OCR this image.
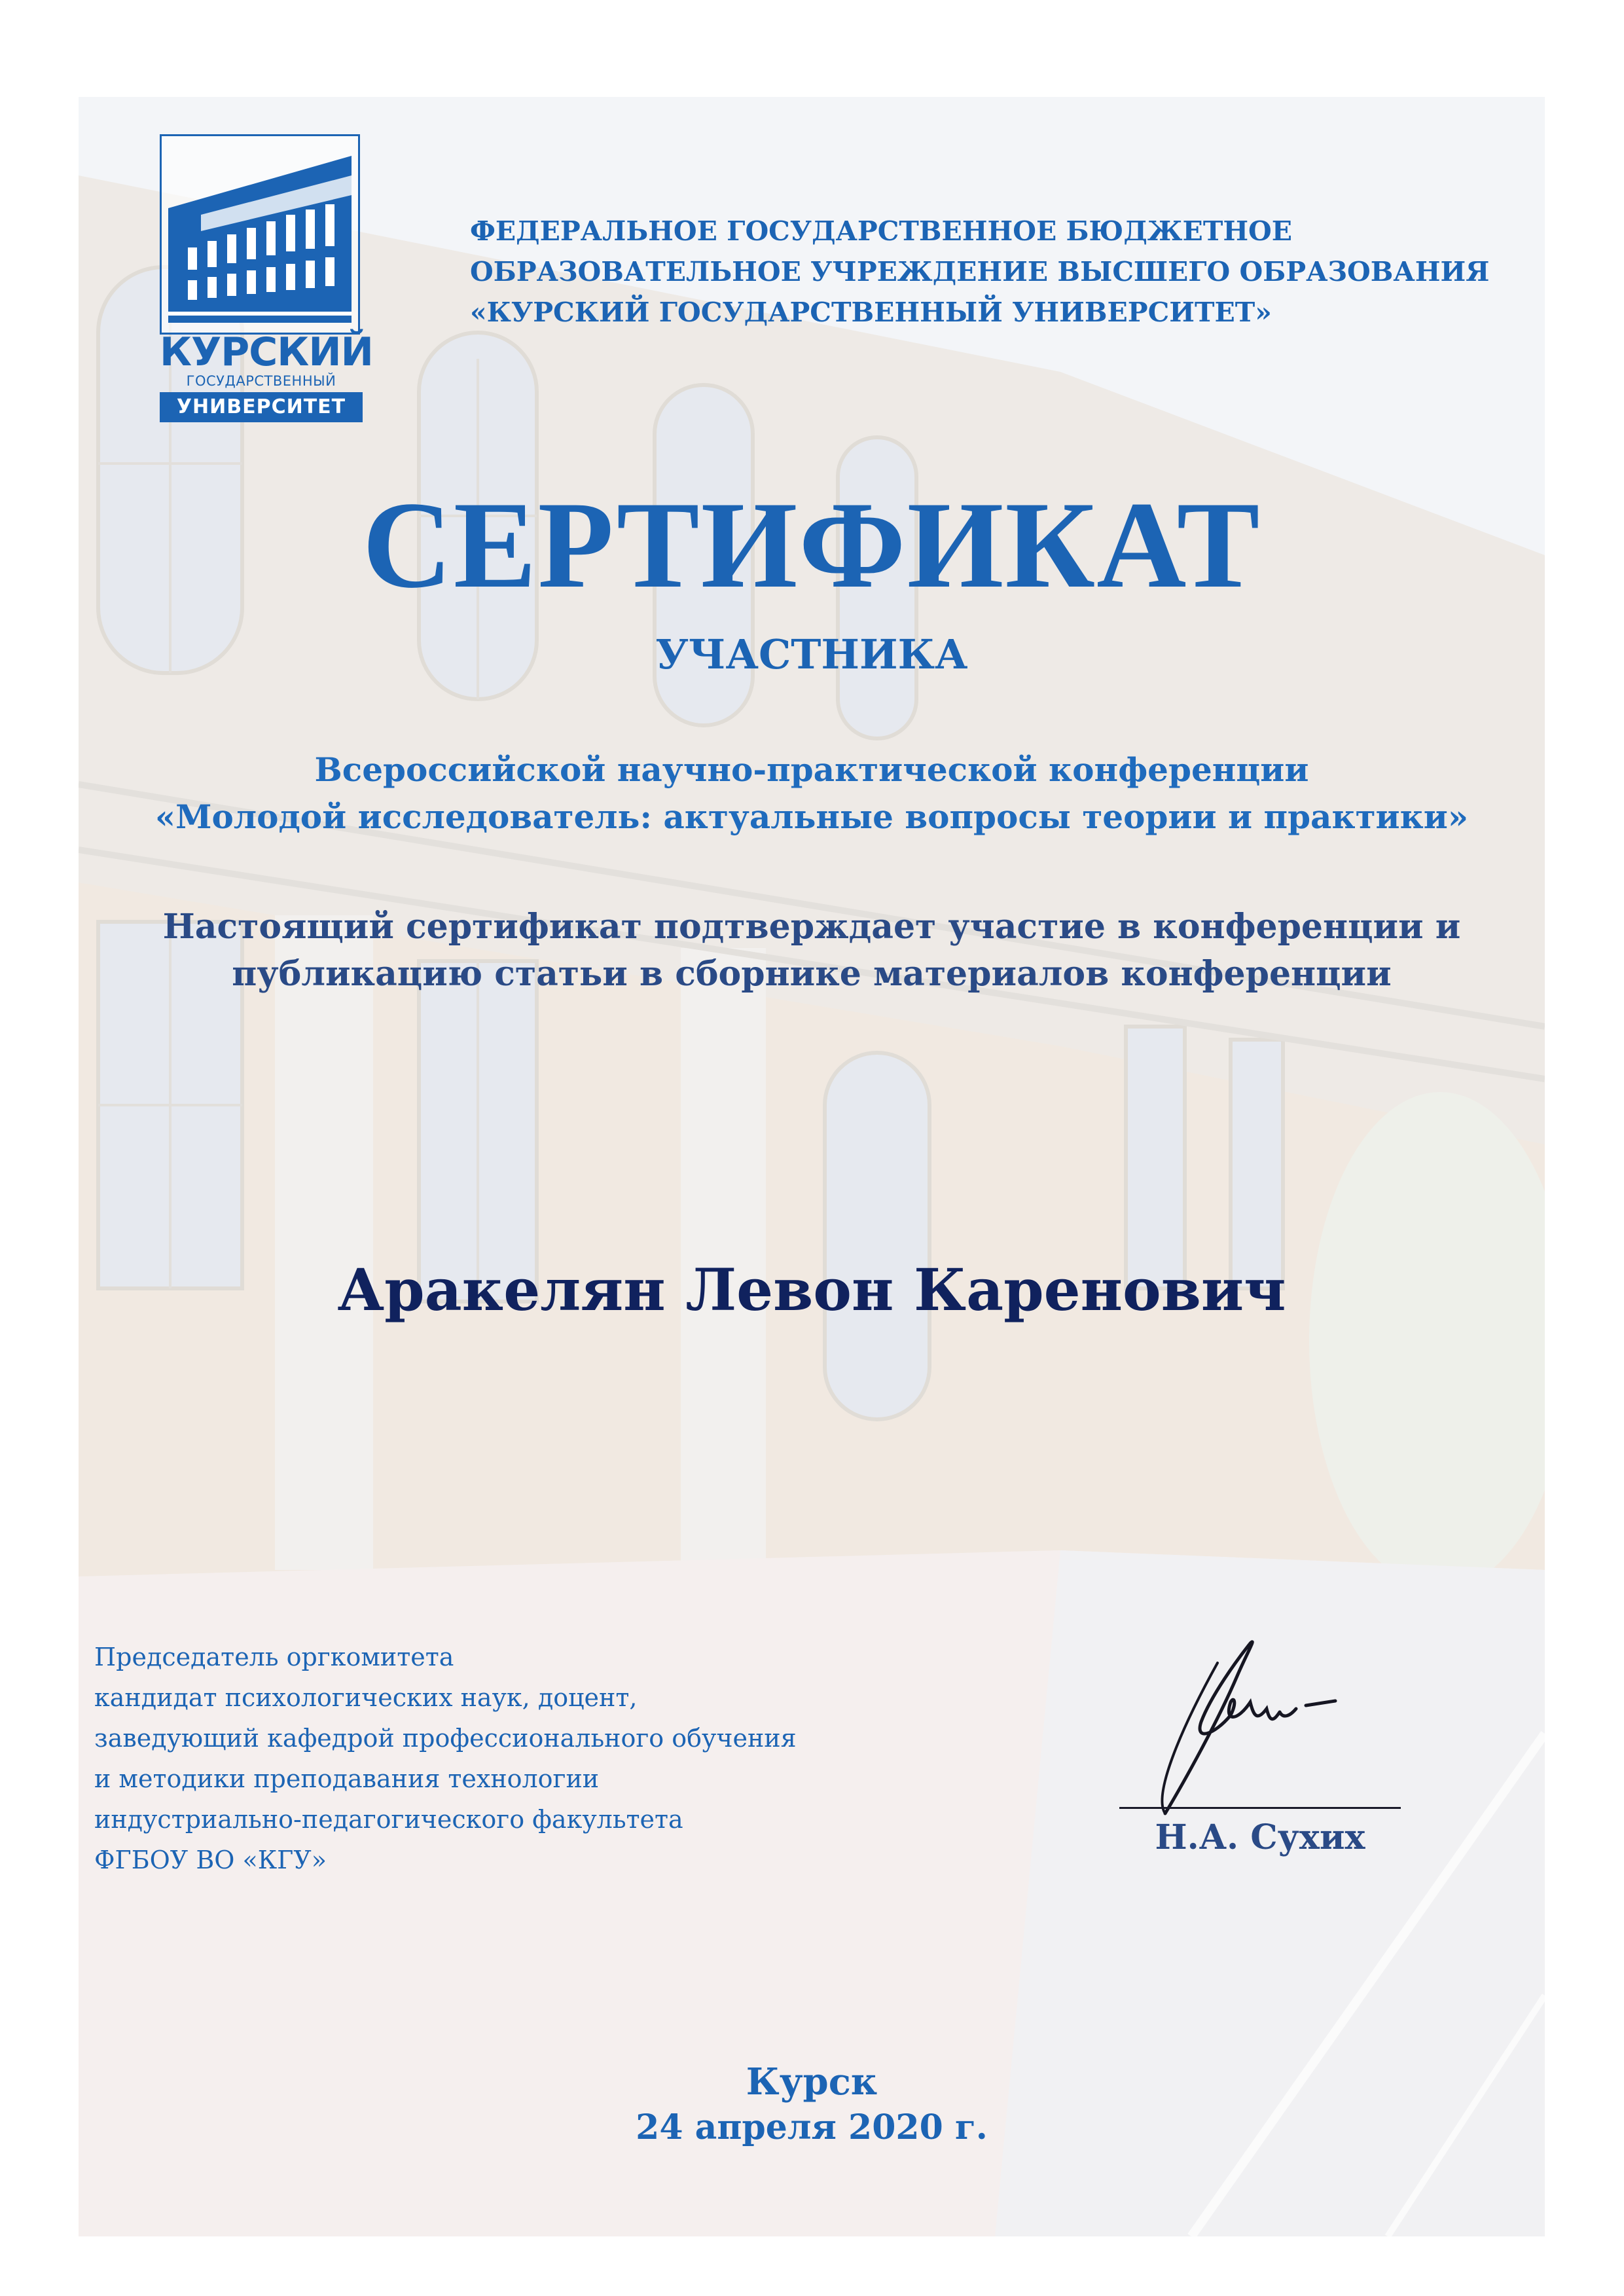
КУРСКИЙ
ГОСУДАРСТВЕННЫЙ
УНИВЕРСИТЕТ
ФЕДЕРАЛЬНОЕ ГОСУДАРСТВЕННОЕ БЮДЖЕТНОЕ
ОБРАЗОВАТЕЛЬНОЕ УЧРЕЖДЕНИЕ ВЫСШЕГО ОБРАЗОВАНИЯ
«КУРСКИЙ ГОСУДАРСТВЕННЫЙ УНИВЕРСИТЕТ»
СЕРТИФИКАТ
УЧАСТНИКА
Всероссийской научно-практической конференции
«Молодой исследователь: актуальные вопросы теории и практики»
Настоящий сертификат подтверждает участие в конференции и
публикацию статьи в сборнике материалов конференции
Аракелян Левон Каренович
Председатель оргкомитета
кандидат психологических наук, доцент,
заведующий кафедрой профессионального обучения
и методики преподавания технологии
индустриально-педагогического факультета
ФГБОУ ВО «КГУ»
Н.А. Сухих
Курск
24 апреля 2020 г.
